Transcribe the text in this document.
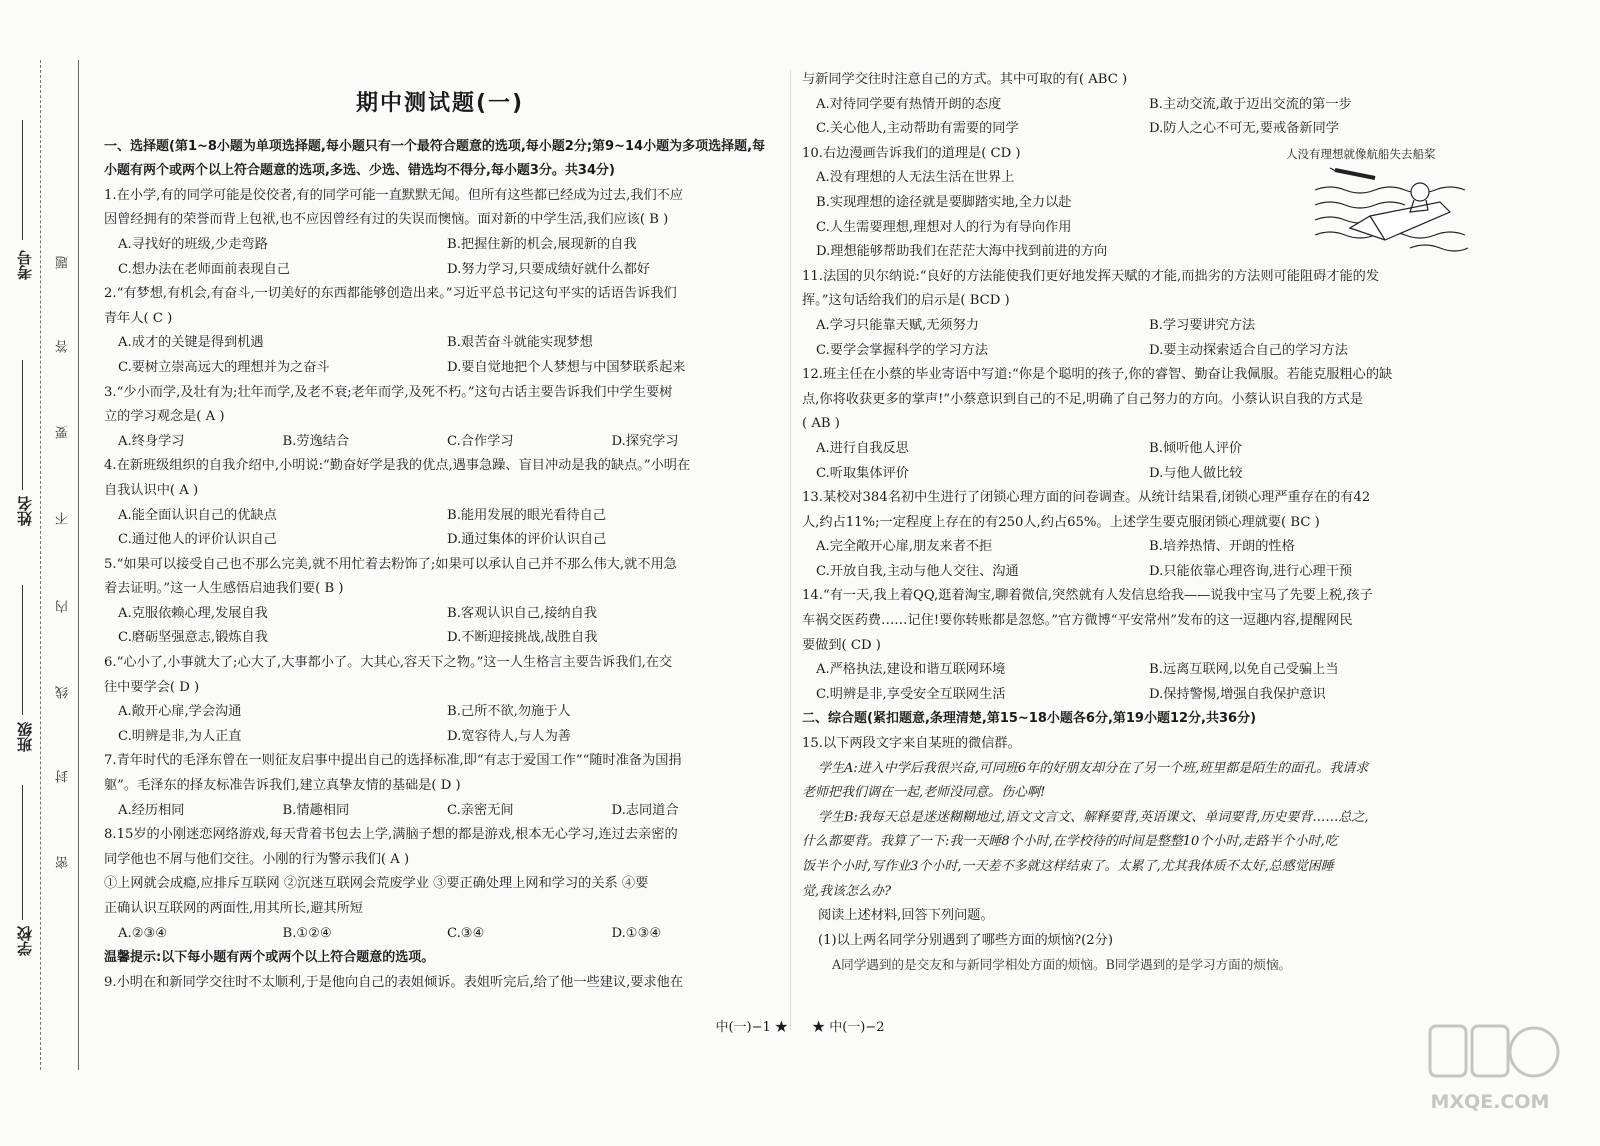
考号
姓名
班级
学校
题
答
要
不
内
线
封
密
期中测试题(一)
一、选择题(第1~8小题为单项选择题,每小题只有一个最符合题意的选项,每小题2分;第9~14小题为多项选择题,每小题有两个或两个以上符合题意的选项,多选、少选、错选均不得分,每小题3分。共34分)

1.在小学,有的同学可能是佼佼者,有的同学可能一直默默无闻。但所有这些都已经成为过去,我们不应

因曾经拥有的荣誉而背上包袱,也不应因曾经有过的失误而懊恼。面对新的中学生活,我们应该( B )

A.寻找好的班级,少走弯路	B.把握住新的机会,展现新的自我
C.想办法在老师面前表现自己	D.努力学习,只要成绩好就什么都好

2.“有梦想,有机会,有奋斗,一切美好的东西都能够创造出来。”习近平总书记这句平实的话语告诉我们

青年人( C )

A.成才的关键是得到机遇	B.艰苦奋斗就能实现梦想
C.要树立崇高远大的理想并为之奋斗	D.要自觉地把个人梦想与中国梦联系起来

3.“少小而学,及壮有为;壮年而学,及老不衰;老年而学,及死不朽。”这句古话主要告诉我们中学生要树

立的学习观念是( A )

A.终身学习	B.劳逸结合	C.合作学习	D.探究学习

4.在新班级组织的自我介绍中,小明说:“勤奋好学是我的优点,遇事急躁、盲目冲动是我的缺点。”小明在

自我认识中( A )

A.能全面认识自己的优缺点	B.能用发展的眼光看待自己
C.通过他人的评价认识自己	D.通过集体的评价认识自己

5.“如果可以接受自己也不那么完美,就不用忙着去粉饰了;如果可以承认自己并不那么伟大,就不用急

着去证明。”这一人生感悟启迪我们要( B )

A.克服依赖心理,发展自我	B.客观认识自己,接纳自我
C.磨砺坚强意志,锻炼自我	D.不断迎接挑战,战胜自我

6.“心小了,小事就大了;心大了,大事都小了。大其心,容天下之物。”这一人生格言主要告诉我们,在交

往中要学会( D )

A.敞开心扉,学会沟通	B.己所不欲,勿施于人
C.明辨是非,为人正直	D.宽容待人,与人为善

7.青年时代的毛泽东曾在一则征友启事中提出自己的选择标准,即“有志于爱国工作”“随时准备为国捐

躯”。毛泽东的择友标准告诉我们,建立真挚友情的基础是( D )

A.经历相同	B.情趣相同	C.亲密无间	D.志同道合

8.15岁的小刚迷恋网络游戏,每天背着书包去上学,满脑子想的都是游戏,根本无心学习,连过去亲密的

同学他也不屑与他们交往。小刚的行为警示我们( A )

①上网就会成瘾,应排斥互联网 ②沉迷互联网会荒废学业 ③要正确处理上网和学习的关系 ④要

正确认识互联网的两面性,用其所长,避其所短

A.②③④	B.①②④	C.③④	D.①③④
温馨提示:以下每小题有两个或两个以上符合题意的选项。
9.小明在和新同学交往时不太顺利,于是他向自己的表姐倾诉。表姐听完后,给了他一些建议,要求他在

与新同学交往时注意自己的方式。其中可取的有( ABC )

A.对待同学要有热情开朗的态度	B.主动交流,敢于迈出交流的第一步
C.关心他人,主动帮助有需要的同学	D.防人之心不可无,要戒备新同学

10.右边漫画告诉我们的道理是( CD )

A.没有理想的人无法生活在世界上
B.实现理想的途径就是要脚踏实地,全力以赴
C.人生需要理想,理想对人的行为有导向作用
D.理想能够帮助我们在茫茫大海中找到前进的方向

11.法国的贝尔纳说:“良好的方法能使我们更好地发挥天赋的才能,而拙劣的方法则可能阻碍才能的发

挥。”这句话给我们的启示是( BCD )

A.学习只能靠天赋,无须努力	B.学习要讲究方法
C.要学会掌握科学的学习方法	D.要主动探索适合自己的学习方法

12.班主任在小蔡的毕业寄语中写道:“你是个聪明的孩子,你的睿智、勤奋让我佩服。若能克服粗心的缺

点,你将收获更多的掌声!”小蔡意识到自己的不足,明确了自己努力的方向。小蔡认识自我的方式是

( AB )

A.进行自我反思	B.倾听他人评价
C.听取集体评价	D.与他人做比较

13.某校对384名初中生进行了闭锁心理方面的问卷调查。从统计结果看,闭锁心理严重存在的有42

人,约占11%;一定程度上存在的有250人,约占65%。上述学生要克服闭锁心理就要( BC )

A.完全敞开心扉,朋友来者不拒	B.培养热情、开朗的性格
C.开放自我,主动与他人交往、沟通	D.只能依靠心理咨询,进行心理干预

14.“有一天,我上着QQ,逛着淘宝,聊着微信,突然就有人发信息给我——说我中宝马了先要上税,孩子

车祸交医药费……记住!要你转账都是忽悠。”官方微博“平安常州”发布的这一逗趣内容,提醒网民

要做到( CD )

A.严格执法,建设和谐互联网环境	B.远离互联网,以免自己受骗上当
C.明辨是非,享受安全互联网生活	D.保持警惕,增强自我保护意识
二、综合题(紧扣题意,条理清楚,第15~18小题各6分,第19小题12分,共36分)

15.以下两段文字来自某班的微信群。

学生A:进入中学后我很兴奋,可同班6年的好朋友却分在了另一个班,班里都是陌生的面孔。我请求

老师把我们调在一起,老师没同意。伤心啊!

学生B:我每天总是迷迷糊糊地过,语文文言文、解释要背,英语课文、单词要背,历史要背……总之,

什么都要背。我算了一下:我一天睡8个小时,在学校待的时间是整整10个小时,走路半个小时,吃

饭半个小时,写作业3个小时,一天差不多就这样结束了。太累了,尤其我体质不太好,总感觉困睡

觉,我该怎么办?

阅读上述材料,回答下列问题。

(1)以上两名同学分别遇到了哪些方面的烦恼?(2分)

A同学遇到的是交友和与新同学相处方面的烦恼。B同学遇到的是学习方面的烦恼。

人没有理想就像航船失去船桨
中(一)−1 ★ ★ 中(一)−2
MXQE.COM
